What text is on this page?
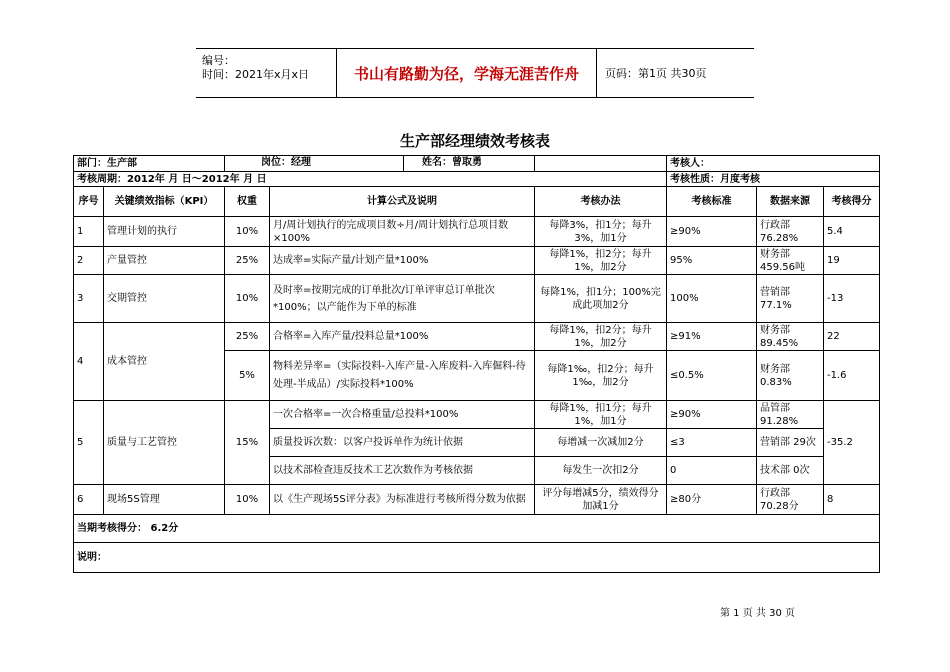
编号：
时间：2021年x月x日	书山有路勤为径，学海无涯苦作舟	页码：第1页 共30页
生产部经理绩效考核表
部门：生产部		岗位：经理 姓名：曾取勇			考核人：		
考核周期：2012年 月 日～2012年 月 日					考核性质：月度考核		
序号	关键绩效指标（KPI）	权重	计算公式及说明	考核办法	考核标准	数据来源	考核得分
1	管理计划的执行	10%	月/周计划执行的完成项目数÷月/周计划执行总项目数×100%	每降3%，扣1分；每升3%，加1分	≥90%	行政部 76.28%	5.4
2	产量管控	25%	达成率=实际产量/计划产量*100%	每降1%，扣2分；每升1%，加2分	95%	财务部 459.56吨	19
3	交期管控	10%	及时率=按期完成的订单批次/订单评审总订单批次*100%；以产能作为下单的标准	每降1%，扣1分；100%完成此项加2分	100%	营销部 77.1%	-13
4	成本管控	25%	合格率=入库产量/投料总量*100%	每降1%，扣2分；每升1%，加2分	≥91%	财务部 89.45%	22
		5%	物料差异率=（实际投料-入库产量-入库废料-入库倔料-待处理-半成品）/实际投料*100%	每降1‰，扣2分；每升1‰，加2分	≤0.5%	财务部 0.83%	-1.6
5	质量与工艺管控	15%	一次合格率=一次合格重量/总投料*100%	每降1%，扣1分；每升1%，加1分	≥90%	品管部 91.28%	-35.2
			质量投诉次数：以客户投诉单作为统计依据	每增减一次减加2分	≤3	营销部 29次	
			以技术部检查违反技术工艺次数作为考核依据	每发生一次扣2分	0	技术部 0次	
6	现场5S管理	10%	以《生产现场5S评分表》为标准进行考核所得分数为依据	评分每增减5分，绩效得分加减1分	≥80分	行政部 70.28分	8
当期考核得分： 6.2分							
说明：							
第 1 页 共 30 页
